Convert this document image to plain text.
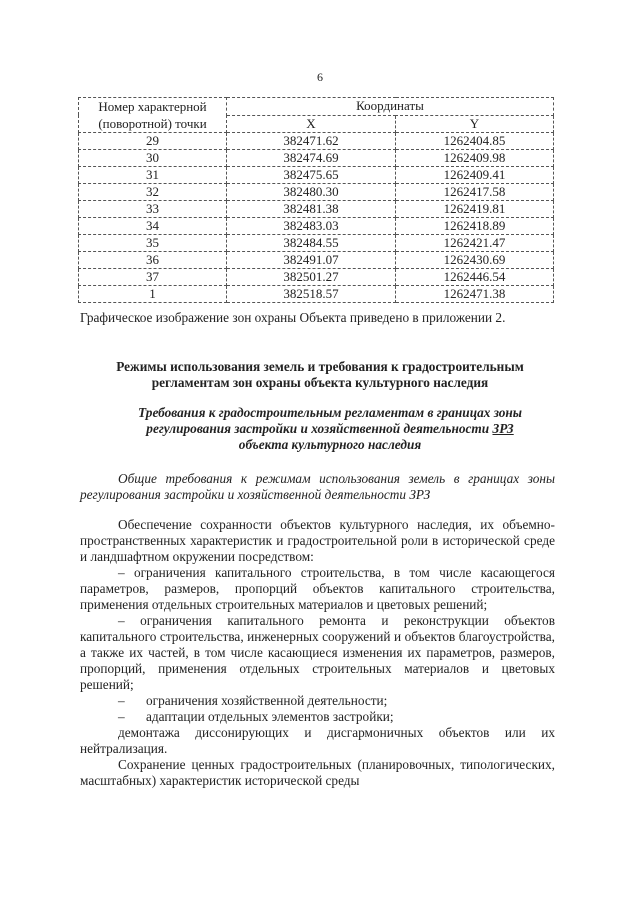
6
Номер характерной (поворотной) точки	Координаты	
	X	Y
29	382471.62	1262404.85
30	382474.69	1262409.98
31	382475.65	1262409.41
32	382480.30	1262417.58
33	382481.38	1262419.81
34	382483.03	1262418.89
35	382484.55	1262421.47
36	382491.07	1262430.69
37	382501.27	1262446.54
1	382518.57	1262471.38
Графическое изображение зон охраны Объекта приведено в приложении 2.
Режимы использования земель и требования к градостроительным регламентам зон охраны объекта культурного наследия
Требования к градостроительным регламентам в границах зоны регулирования застройки и хозяйственной деятельности ЗРЗ
объекта культурного наследия
Общие требования к режимам использования земель в границах зоны регулирования застройки и хозяйственной деятельности ЗРЗ
Обеспечение сохранности объектов культурного наследия, их объемно-пространственных характеристик и градостроительной роли в исторической среде и ландшафтном окружении посредством:
– ограничения капитального строительства, в том числе касающегося параметров, размеров, пропорций объектов капитального строительства, применения отдельных строительных материалов и цветовых решений;
– ограничения капитального ремонта и реконструкции объектов капитального строительства, инженерных сооружений и объектов благоустройства, а также их частей, в том числе касающиеся изменения их параметров, размеров, пропорций, применения отдельных строительных материалов и цветовых решений;
–	ограничения хозяйственной деятельности;
–	адаптации отдельных элементов застройки;
демонтажа диссонирующих и дисгармоничных объектов или их нейтрализация.
Сохранение ценных градостроительных (планировочных, типологических, масштабных) характеристик исторической среды
